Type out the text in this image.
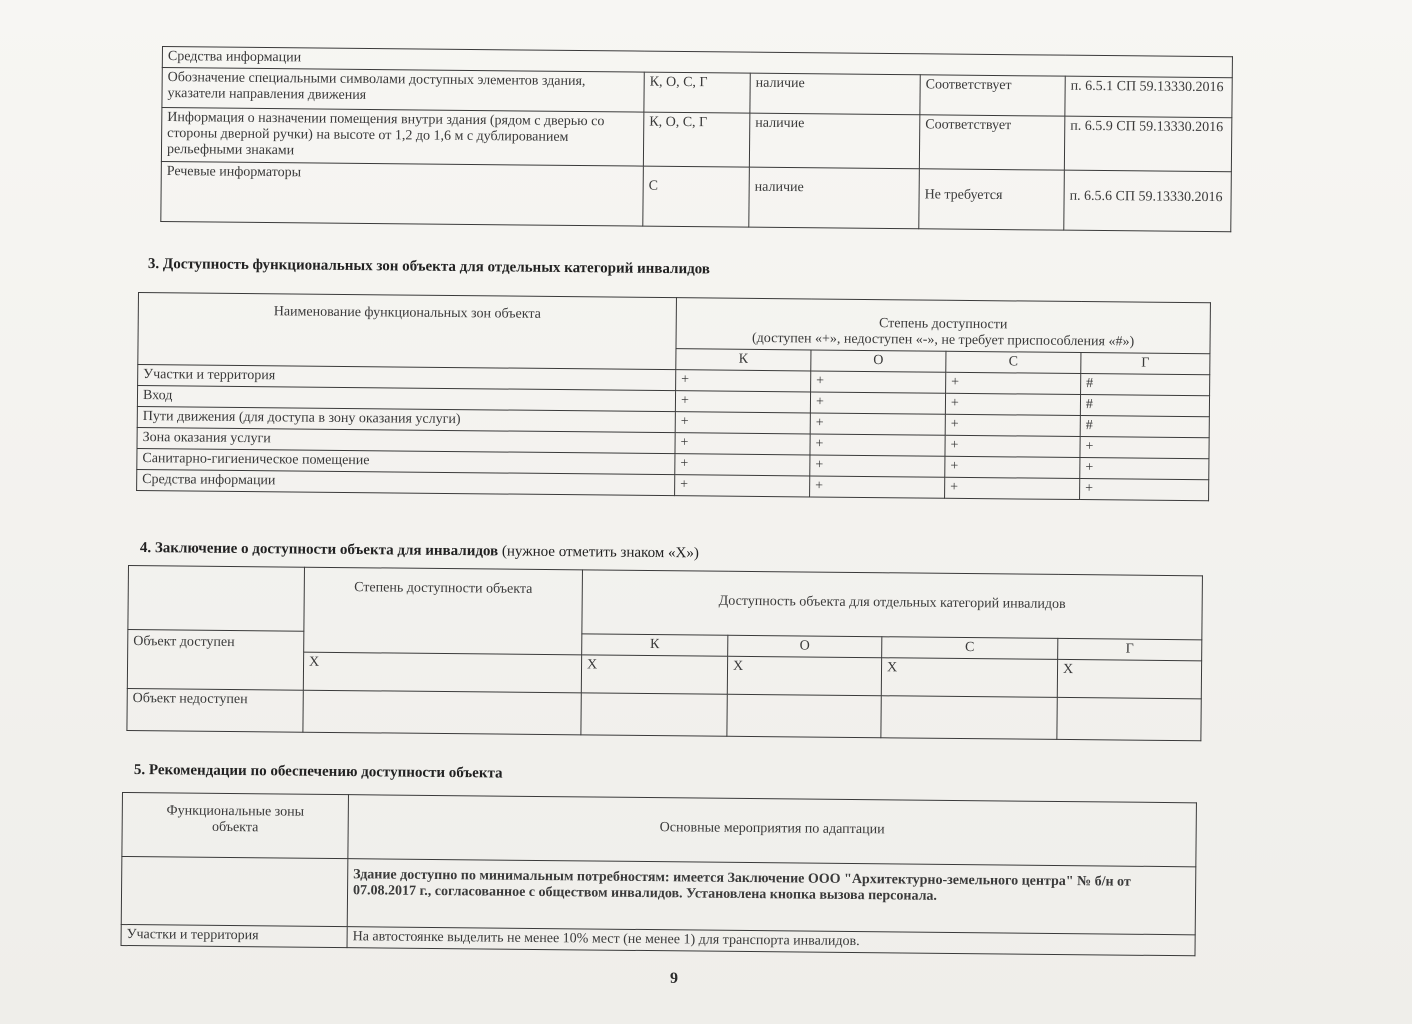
Средства информации				
Обозначение специальными символами доступных элементов здания, указатели направления движения	К, О, С, Г	наличие	Соответствует	п. 6.5.1 СП 59.13330.2016
Информация о назначении помещения внутри здания (рядом с дверью со стороны дверной ручки) на высоте от 1,2 до 1,6 м с дублированием рельефными знаками	К, О, С, Г	наличие	Соответствует	п. 6.5.9 СП 59.13330.2016
Речевые информаторы	С	наличие	Не требуется	п. 6.5.6 СП 59.13330.2016
3. Доступность функциональных зон объекта для отдельных категорий инвалидов
Наименование функциональных зон объекта	Степень доступности
(доступен «+», недоступен «-», не требует приспособления «#»)			

	К	О	С	Г
Участки и территория	+	+	+	#
Вход	+	+	+	#
Пути движения (для доступа в зону оказания услуги)	+	+	+	#
Зона оказания услуги	+	+	+	+
Санитарно-гигиеническое помещение	+	+	+	+
Средства информации	+	+	+	+
4. Заключение о доступности объекта для инвалидов (нужное отметить знаком «Х»)
	Степень доступности объекта	Доступность объекта для отдельных категорий инвалидов			
Объект доступен		К	О	С	Г
	Х	Х	Х	Х	Х
Объект недоступен					
5. Рекомендации по обеспечению доступности объекта
Функциональные зоны объекта	Основные мероприятия по адаптации
	Здание доступно по минимальным потребностям: имеется Заключение ООО "Архитектурно-земельного центра" № б/н от 07.08.2017 г., согласованное с обществом инвалидов. Установлена кнопка вызова персонала.
Участки и территория	На автостоянке выделить не менее 10% мест (не менее 1) для транспорта инвалидов.
9
